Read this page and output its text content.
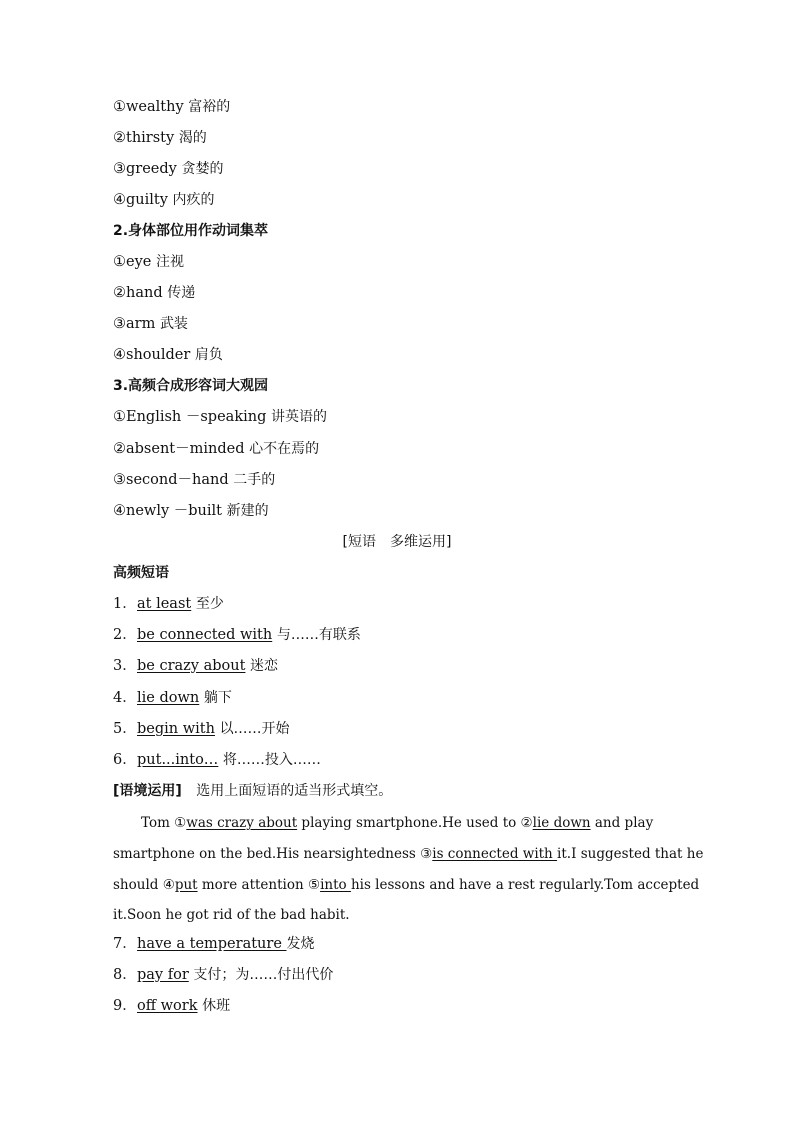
①wealthy 富裕的
②thirsty 渴的
③greedy 贪婪的
④guilty 内疚的
2.身体部位用作动词集萃
①eye 注视
②hand 传递
③arm 武装
④shoulder 肩负
3.高频合成形容词大观园
①English －speaking 讲英语的
②absent－minded 心不在焉的
③second－hand 二手的
④newly －built 新建的
[短语　多维运用]
高频短语
1．at least 至少
2．be connected with 与……有联系
3．be crazy about 迷恋
4．lie down 躺下
5．begin with 以……开始
6．put...into… 将……投入……
[语境运用]　 选用上面短语的适当形式填空。
Tom ①was crazy about playing smartphone.He used to ②lie down and play
smartphone on the bed.His nearsightedness ③is connected with it.I suggested that he
should ④put more attention ⑤into his lessons and have a rest regularly.Tom accepted
it.Soon he got rid of the bad habit.
7．have a temperature 发烧
8．pay for 支付；为……付出代价
9．off work 休班
